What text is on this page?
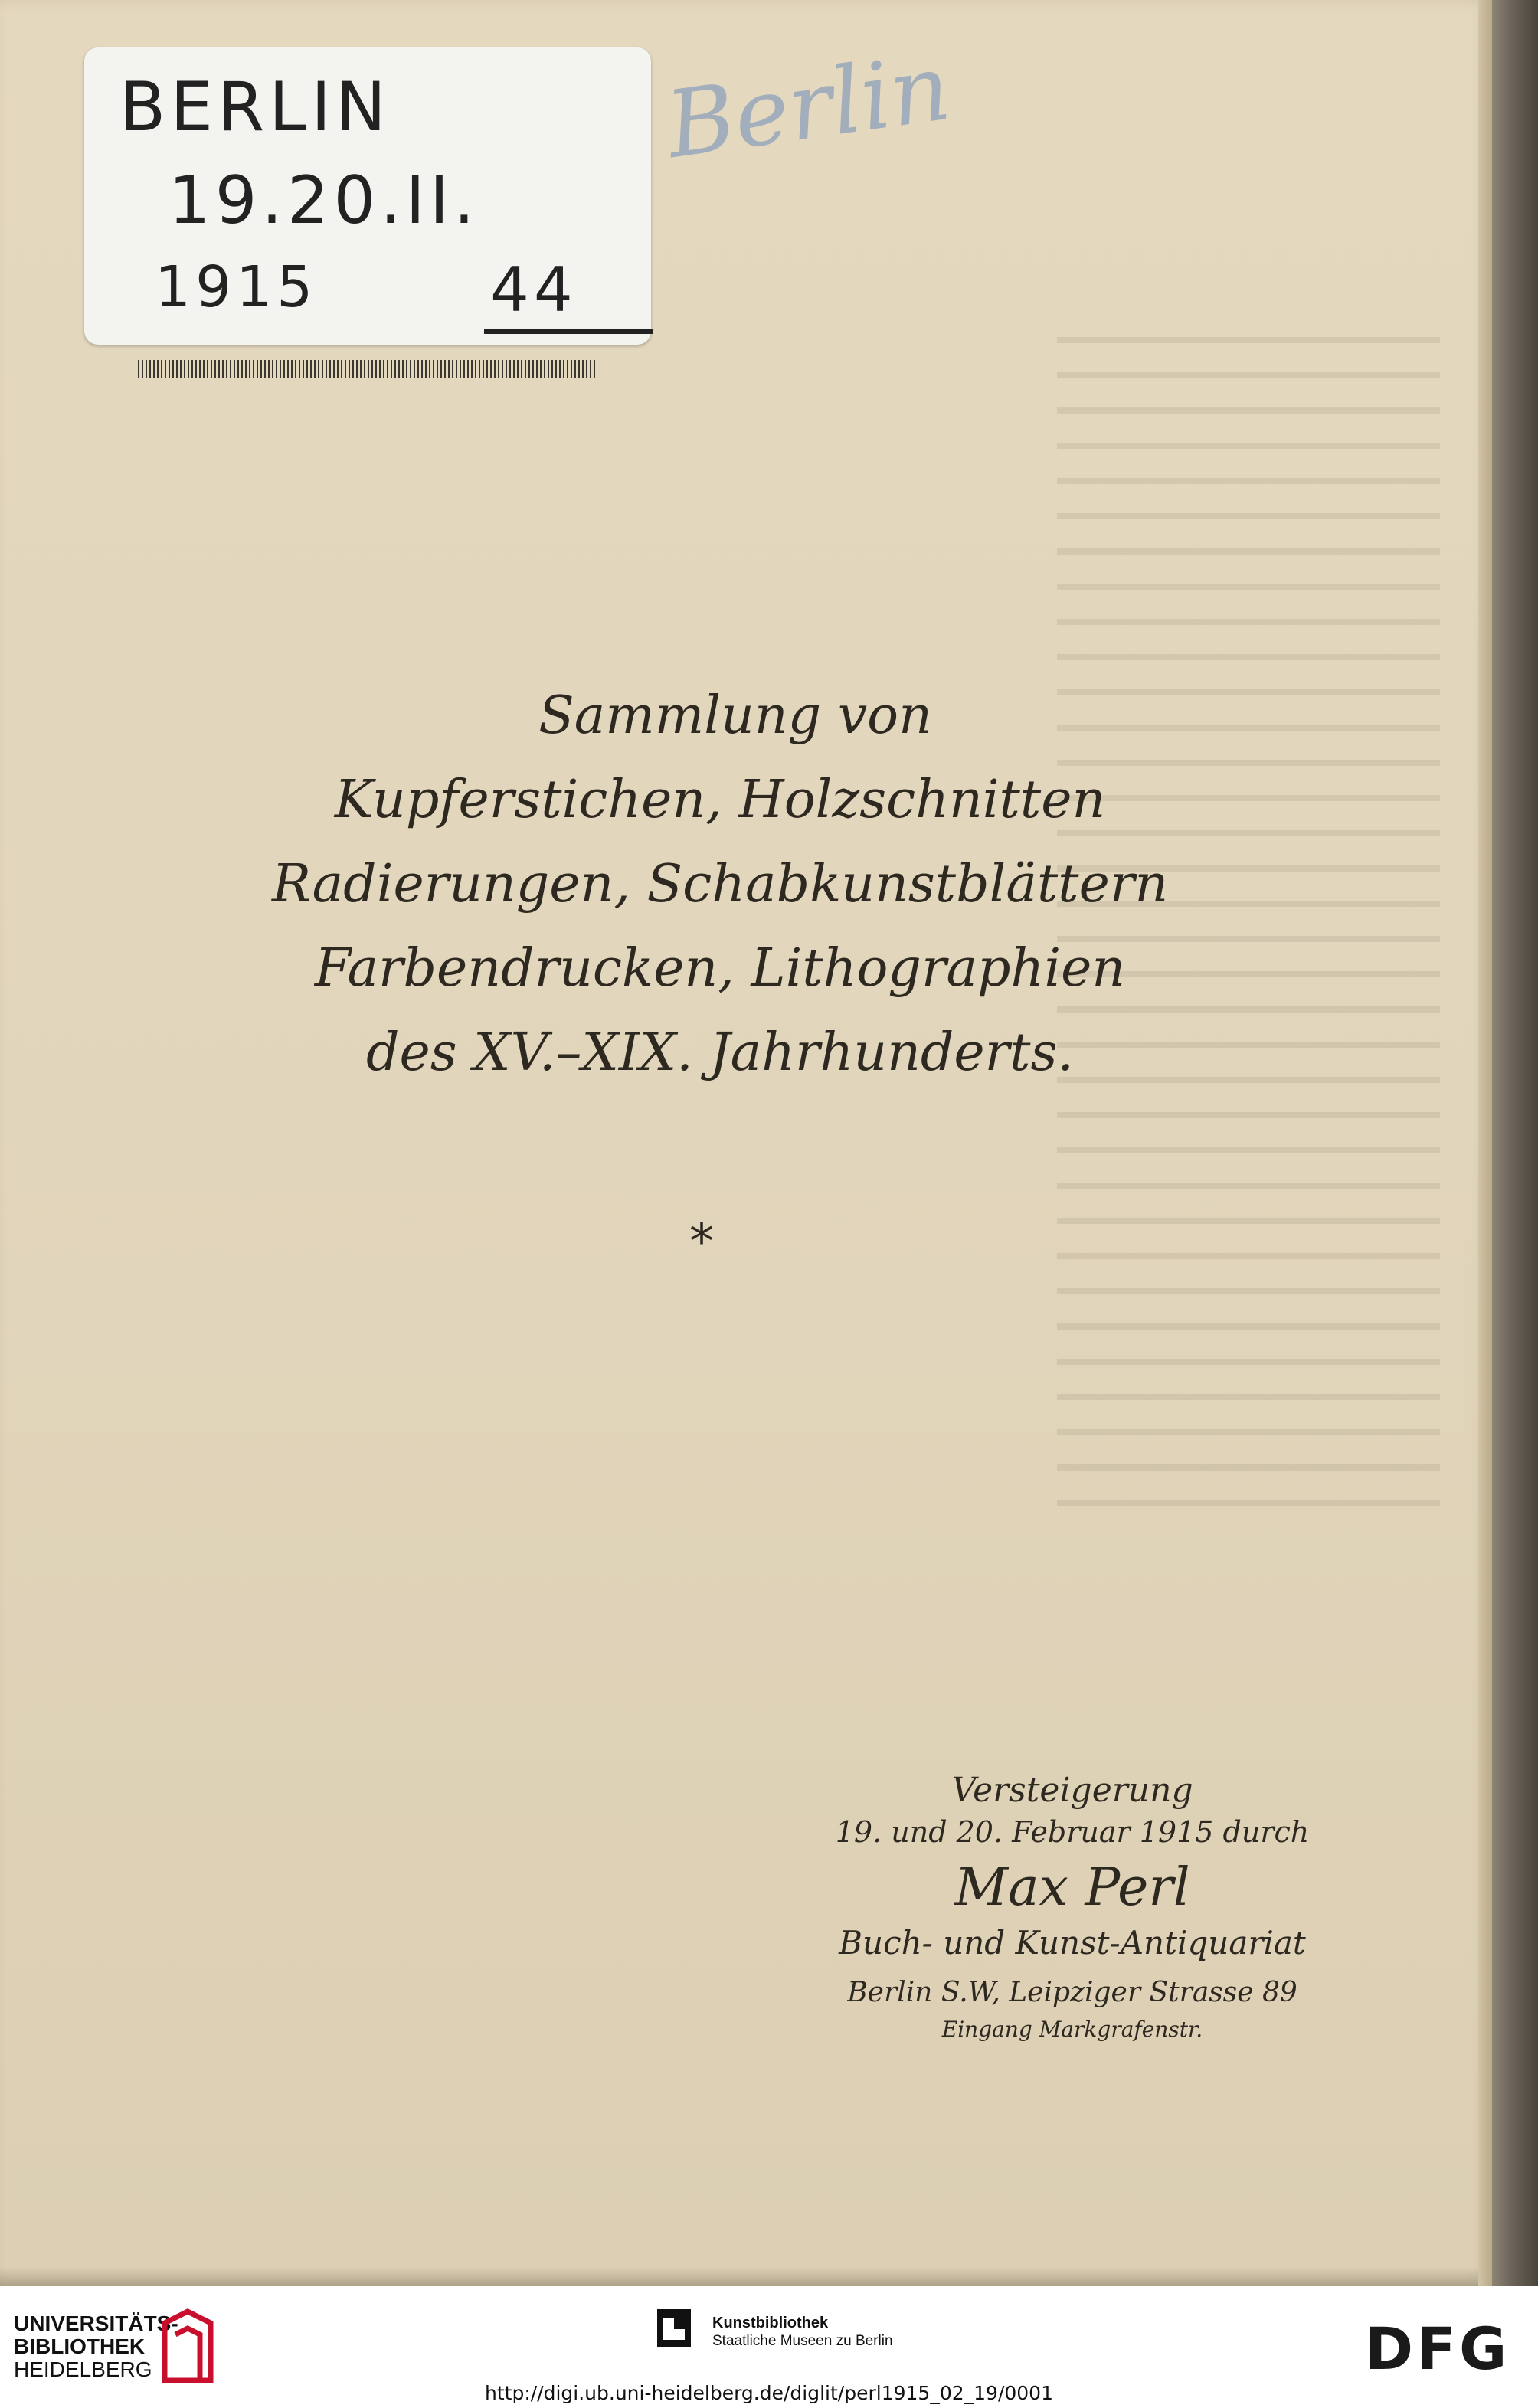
Berlin
BERLIN
19.20.II.
1915	44
Sammlung von
Kupferstichen, Holzschnitten
Radierungen, Schabkunstblättern
Farbendrucken, Lithographien
des XV.–XIX. Jahrhunderts.
*
Versteigerung
19. und 20. Februar 1915 durch
Max Perl
Buch- und Kunst-Antiquariat
Berlin S.W, Leipziger Strasse 89
Eingang Markgrafenstr.
UNIVERSITÄTS-
BIBLIOTHEK
HEIDELBERG
Kunstbibliothek
Staatliche Museen zu Berlin	DFG
http://digi.ub.uni-heidelberg.de/diglit/perl1915_02_19/0001
